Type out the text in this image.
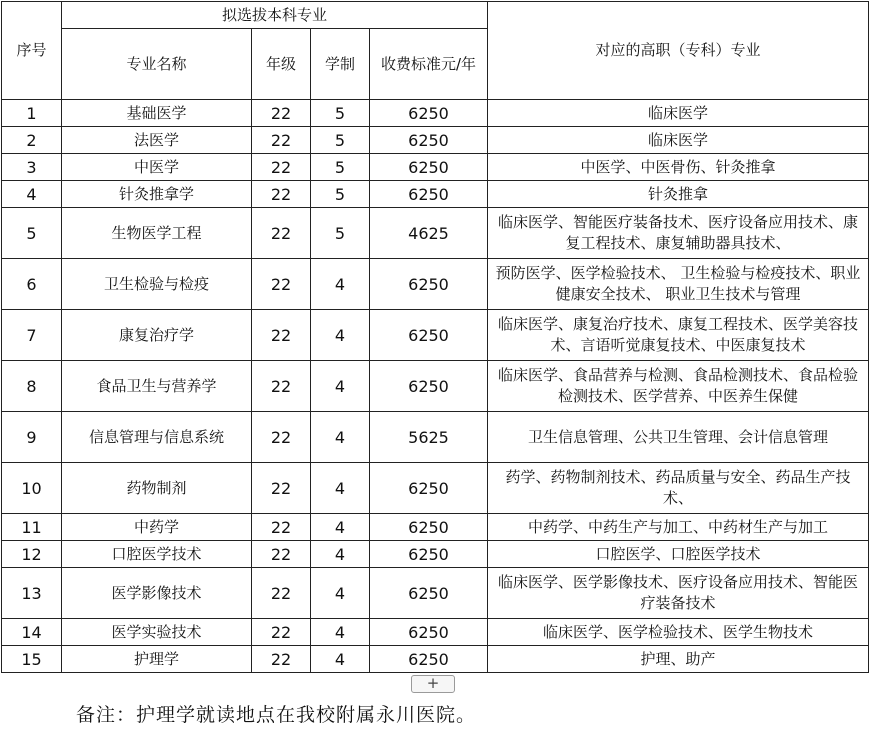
序号	拟选拔本科专业				对应的高职（专科）专业
	专业名称	年级	学制	收费标准元/年	
1	基础医学	22	5	6250	临床医学
2	法医学	22	5	6250	临床医学
3	中医学	22	5	6250	中医学、中医骨伤、针灸推拿
4	针灸推拿学	22	5	6250	针灸推拿
5	生物医学工程	22	5	4625	临床医学、智能医疗装备技术、医疗设备应用技术、康复工程技术、康复辅助器具技术、
6	卫生检验与检疫	22	4	6250	预防医学、医学检验技术、 卫生检验与检疫技术、职业健康安全技术、 职业卫生技术与管理
7	康复治疗学	22	4	6250	临床医学、康复治疗技术、康复工程技术、医学美容技术、言语听觉康复技术、中医康复技术
8	食品卫生与营养学	22	4	6250	临床医学、食品营养与检测、食品检测技术、食品检验检测技术、医学营养、中医养生保健
9	信息管理与信息系统	22	4	5625	卫生信息管理、公共卫生管理、会计信息管理
10	药物制剂	22	4	6250	药学、药物制剂技术、药品质量与安全、药品生产技术、
11	中药学	22	4	6250	中药学、中药生产与加工、中药材生产与加工
12	口腔医学技术	22	4	6250	口腔医学、口腔医学技术
13	医学影像技术	22	4	6250	临床医学、医学影像技术、医疗设备应用技术、智能医疗装备技术
14	医学实验技术	22	4	6250	临床医学、医学检验技术、医学生物技术
15	护理学	22	4	6250	护理、助产
+
备注：护理学就读地点在我校附属永川医院。
